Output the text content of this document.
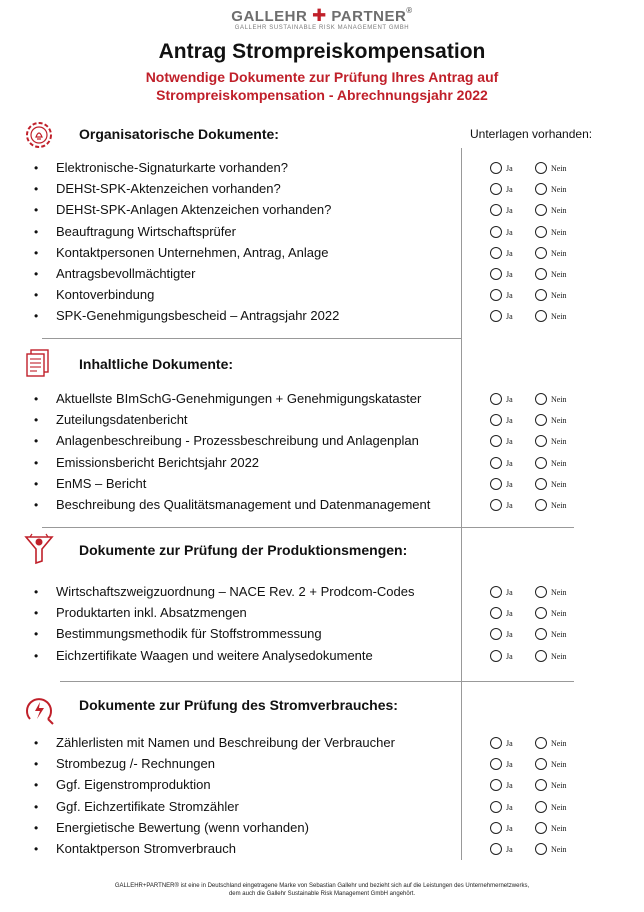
GALLEHR ✚ PARTNER®
GALLEHR SUSTAINABLE RISK MANAGEMENT GMBH
Antrag Strompreiskompensation
Notwendige Dokumente zur Prüfung Ihres Antrag auf
Strompreiskompensation - Abrechnungsjahr 2022
Unterlagen vorhanden:
Organisatorische Dokumente:
Inhaltliche Dokumente:
Dokumente zur Prüfung der Produktionsmengen:
Dokumente zur Prüfung des Stromverbrauches:
GALLEHR+PARTNER® ist eine in Deutschland eingetragene Marke von Sebastian Gallehr und bezieht sich auf die Leistungen des Unternehmernetzwerks,
dem auch die Gallehr Sustainable Risk Management GmbH angehört.
• Elektronische-Signaturkarte vorhanden?	Ja	Nein
• DEHSt-SPK-Aktenzeichen vorhanden?	Ja	Nein
• DEHSt-SPK-Anlagen Aktenzeichen vorhanden?	Ja	Nein
• Beauftragung Wirtschaftsprüfer	Ja	Nein
• Kontaktpersonen Unternehmen, Antrag, Anlage	Ja	Nein
• Antragsbevollmächtigter	Ja	Nein
• Kontoverbindung	Ja	Nein
• SPK-Genehmigungsbescheid – Antragsjahr 2022	Ja	Nein
• Aktuellste BImSchG-Genehmigungen + Genehmigungskataster	Ja	Nein
• Zuteilungsdatenbericht	Ja	Nein
• Anlagenbeschreibung - Prozessbeschreibung und Anlagenplan	Ja	Nein
• Emissionsbericht Berichtsjahr 2022	Ja	Nein
• EnMS – Bericht	Ja	Nein
• Beschreibung des Qualitätsmanagement und Datenmanagement	Ja	Nein
• Wirtschaftszweigzuordnung – NACE Rev. 2 + Prodcom-Codes	Ja	Nein
• Produktarten inkl. Absatzmengen	Ja	Nein
• Bestimmungsmethodik für Stoffstrommessung	Ja	Nein
• Eichzertifikate Waagen und weitere Analysedokumente	Ja	Nein
• Zählerlisten mit Namen und Beschreibung der Verbraucher	Ja	Nein
• Strombezug /- Rechnungen	Ja	Nein
• Ggf. Eigenstromproduktion	Ja	Nein
• Ggf. Eichzertifikate Stromzähler	Ja	Nein
• Energietische Bewertung (wenn vorhanden)	Ja	Nein
• Kontaktperson Stromverbrauch	Ja	Nein
